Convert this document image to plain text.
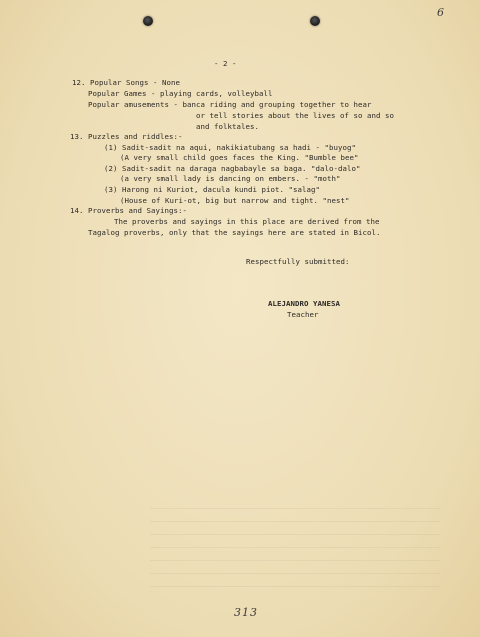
6
- 2 -
12. Popular Songs - None
Popular Games - playing cards, volleyball
Popular amusements - banca riding and grouping together to hear
or tell stories about the lives of so and so
and folktales.
13. Puzzles and riddles:-
(1) Sadit-sadit na aqui, nakikiatubang sa hadi - "buyog"
(A very small child goes faces the King. "Bumble bee"
(2) Sadit-sadit na daraga nagbabayle sa baga. "dalo-dalo"
(a very small lady is dancing on embers. - "moth"
(3) Harong ni Kuriot, dacula kundi piot. "salag"
(House of Kuri-ot, big but narrow and tight. "nest"
14. Proverbs and Sayings:-
The proverbs and sayings in this place are derived from the
Tagalog proverbs, only that the sayings here are stated in Bicol.
Respectfully submitted:
ALEJANDRO YANESA
Teacher
313
